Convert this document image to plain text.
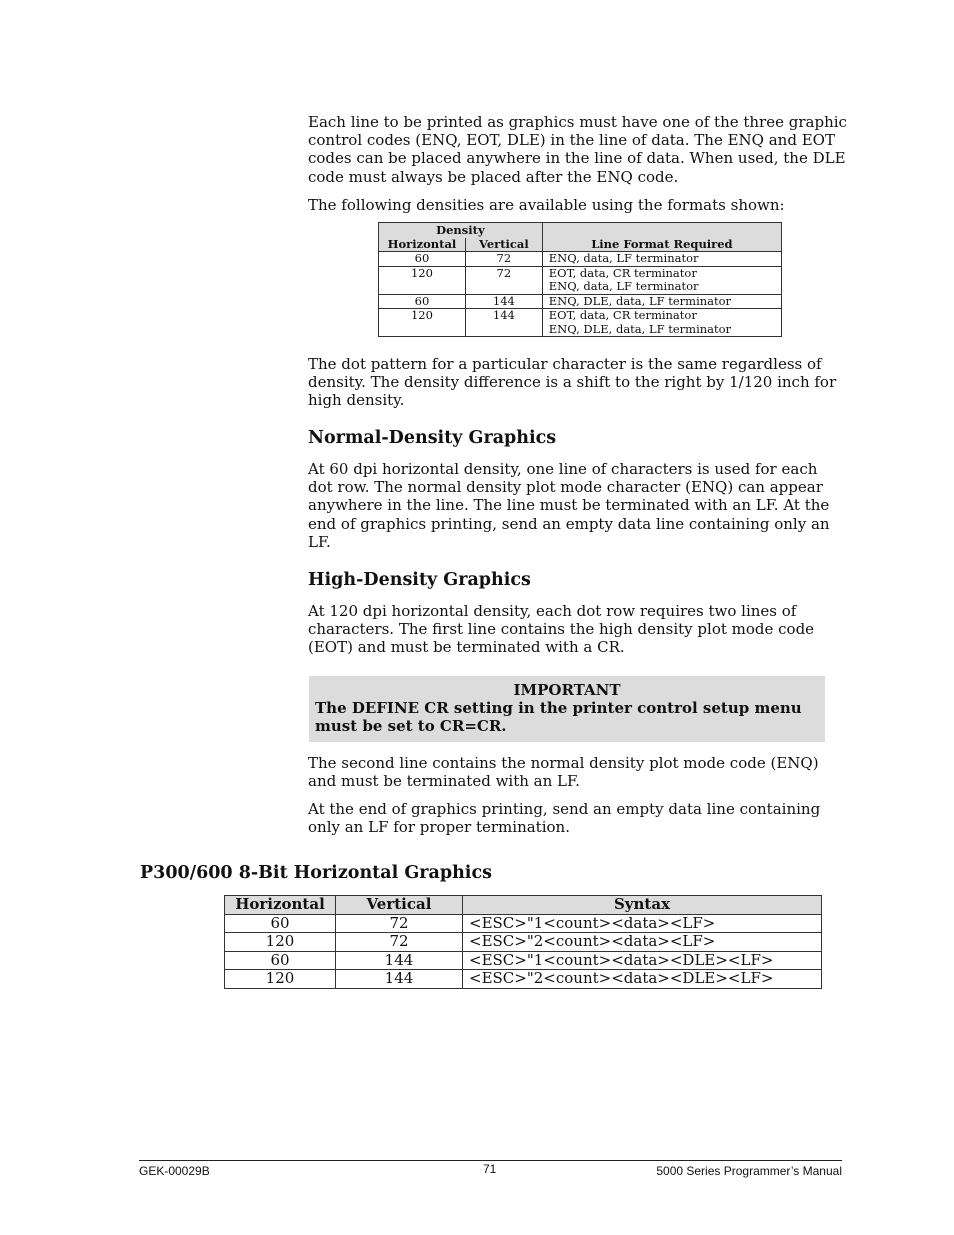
Each line to be printed as graphics must have one of the three graphic control codes (ENQ, EOT, DLE) in the line of data. The ENQ and EOT codes can be placed anywhere in the line of data. When used, the DLE code must always be placed after the ENQ code.
The following densities are available using the formats shown:
Density		Line Format Required
Horizontal	Vertical	
60	72	ENQ, data, LF terminator
120	72	EOT, data, CR terminator
ENQ, data, LF terminator
60	144	ENQ, DLE, data, LF terminator
120	144	EOT, data, CR terminator
ENQ, DLE, data, LF terminator
The dot pattern for a particular character is the same regardless of density. The density difference is a shift to the right by 1/120 inch for high density.
Normal-Density Graphics
At 60 dpi horizontal density, one line of characters is used for each dot row. The normal density plot mode character (ENQ) can appear anywhere in the line. The line must be terminated with an LF. At the end of graphics printing, send an empty data line containing only an LF.
High-Density Graphics
At 120 dpi horizontal density, each dot row requires two lines of characters. The first line contains the high density plot mode code (EOT) and must be terminated with a CR.
IMPORTANT
The DEFINE CR setting in the printer control setup menu must be set to CR=CR.
The second line contains the normal density plot mode code (ENQ) and must be terminated with an LF.
At the end of graphics printing, send an empty data line containing only an LF for proper termination.
P300/600 8-Bit Horizontal Graphics
Horizontal	Vertical	Syntax
60	72	<ESC>"1<count><data><LF>
120	72	<ESC>"2<count><data><LF>
60	144	<ESC>"1<count><data><DLE><LF>
120	144	<ESC>"2<count><data><DLE><LF>
GEK-00029B	71	5000 Series Programmer’s Manual
